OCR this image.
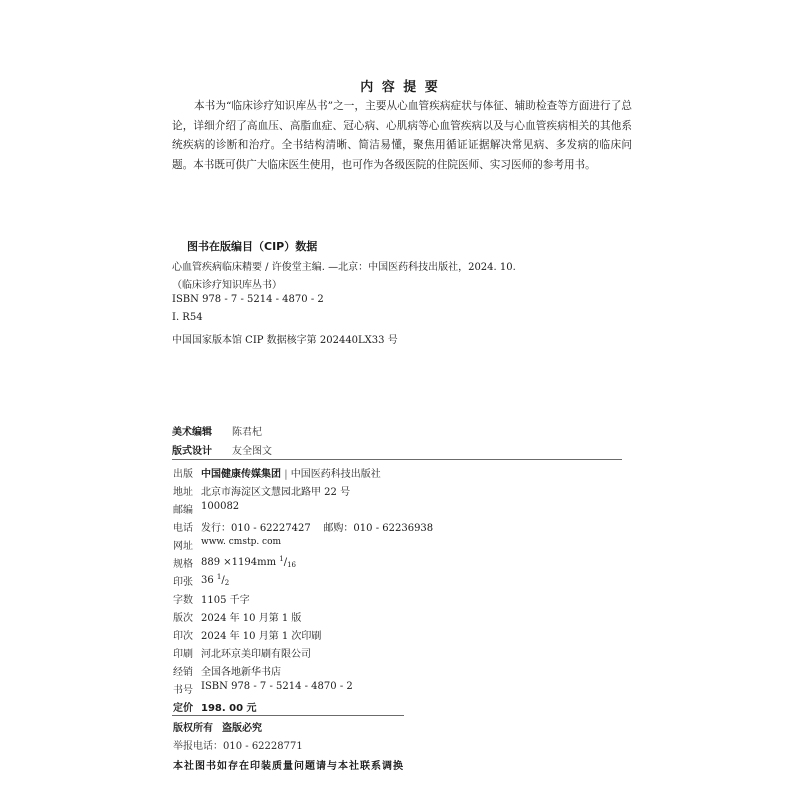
内 容 提 要
本书为“临床诊疗知识库丛书”之一，主要从心血管疾病症状与体征、辅助检查等方面进行了总论，详细介绍了高血压、高脂血症、冠心病、心肌病等心血管疾病以及与心血管疾病相关的其他系统疾病的诊断和治疗。全书结构清晰、简洁易懂，聚焦用循证证据解决常见病、多发病的临床问题。本书既可供广大临床医生使用，也可作为各级医院的住院医师、实习医师的参考用书。
图书在版编目（CIP）数据
心血管疾病临床精要 / 许俊堂主编. —北京：中国医药科技出版社，2024. 10.
（临床诊疗知识库丛书）
ISBN 978 - 7 - 5214 - 4870 - 2
Ⅰ. R54
中国国家版本馆 CIP 数据核字第 202440LX33 号
美术编辑 陈君杞
版式设计 友全图文
出版 中国健康传媒集团 | 中国医药科技出版社
地址 北京市海淀区文慧园北路甲 22 号
邮编 100082
电话 发行：010 - 62227427    邮购：010 - 62236938
网址 www. cmstp. com
规格 889 ×1194mm $^1/_{16}$
印张 36 $^1/_2$
字数 1105 千字
版次 2024 年 10 月第 1 版
印次 2024 年 10 月第 1 次印刷
印刷 河北环京美印刷有限公司
经销 全国各地新华书店
书号 ISBN 978 - 7 - 5214 - 4870 - 2
定价 198. 00 元
版权所有 盗版必究
举报电话：010 - 62228771
本社图书如存在印装质量问题请与本社联系调换
